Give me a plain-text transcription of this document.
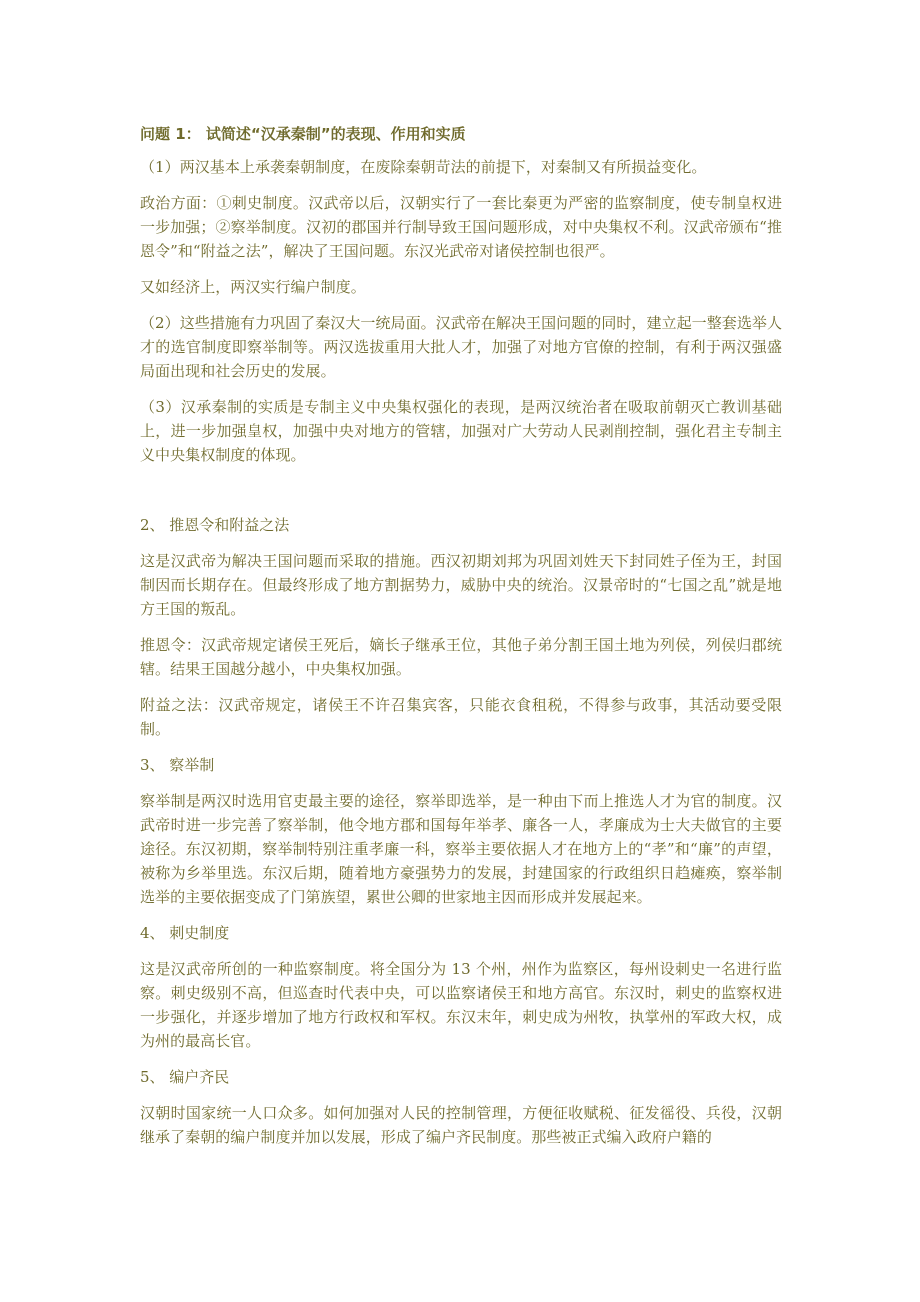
问题 1： 试简述“汉承秦制”的表现、作用和实质

（1）两汉基本上承袭秦朝制度，在废除秦朝苛法的前提下，对秦制又有所损益变化。

政治方面：①刺史制度。汉武帝以后，汉朝实行了一套比秦更为严密的监察制度，使专制皇权进一步加强；②察举制度。汉初的郡国并行制导致王国问题形成，对中央集权不利。汉武帝颁布“推恩令”和“附益之法”，解决了王国问题。东汉光武帝对诸侯控制也很严。

又如经济上，两汉实行编户制度。

（2）这些措施有力巩固了秦汉大一统局面。汉武帝在解决王国问题的同时，建立起一整套选举人才的选官制度即察举制等。两汉选拔重用大批人才，加强了对地方官僚的控制，有利于两汉强盛局面出现和社会历史的发展。

（3）汉承秦制的实质是专制主义中央集权强化的表现，是两汉统治者在吸取前朝灭亡教训基础上，进一步加强皇权，加强中央对地方的管辖，加强对广大劳动人民剥削控制，强化君主专制主义中央集权制度的体现。

2、 推恩令和附益之法

这是汉武帝为解决王国问题而采取的措施。西汉初期刘邦为巩固刘姓天下封同姓子侄为王，封国制因而长期存在。但最终形成了地方割据势力，威胁中央的统治。汉景帝时的“七国之乱”就是地方王国的叛乱。

推恩令：汉武帝规定诸侯王死后，嫡长子继承王位，其他子弟分割王国土地为列侯，列侯归郡统辖。结果王国越分越小，中央集权加强。

附益之法：汉武帝规定，诸侯王不许召集宾客，只能衣食租税，不得参与政事，其活动要受限制。

3、 察举制

察举制是两汉时选用官吏最主要的途径，察举即选举，是一种由下而上推选人才为官的制度。汉武帝时进一步完善了察举制，他令地方郡和国每年举孝、廉各一人，孝廉成为士大夫做官的主要途径。东汉初期，察举制特别注重孝廉一科，察举主要依据人才在地方上的“孝”和“廉”的声望，被称为乡举里选。东汉后期，随着地方豪强势力的发展，封建国家的行政组织日趋瘫痪，察举制选举的主要依据变成了门第族望，累世公卿的世家地主因而形成并发展起来。

4、 刺史制度

这是汉武帝所创的一种监察制度。将全国分为 13 个州，州作为监察区，每州设刺史一名进行监察。刺史级别不高，但巡查时代表中央，可以监察诸侯王和地方高官。东汉时，刺史的监察权进一步强化，并逐步增加了地方行政权和军权。东汉末年，刺史成为州牧，执掌州的军政大权，成为州的最高长官。

5、 编户齐民

汉朝时国家统一人口众多。如何加强对人民的控制管理，方便征收赋税、征发徭役、兵役，汉朝继承了秦朝的编户制度并加以发展，形成了编户齐民制度。那些被正式编入政府户籍的
